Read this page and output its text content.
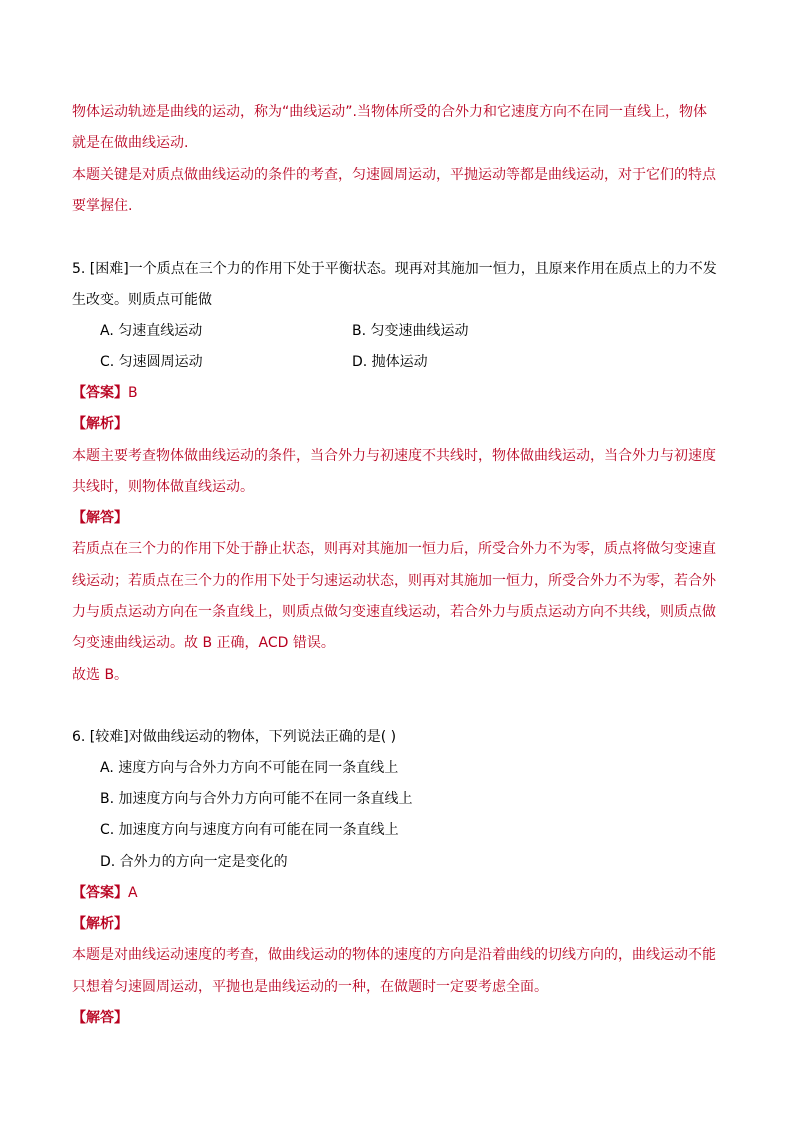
物体运动轨迹是曲线的运动，称为“曲线运动”.当物体所受的合外力和它速度方向不在同一直线上，物体
就是在做曲线运动.
本题关键是对质点做曲线运动的条件的考查，匀速圆周运动，平抛运动等都是曲线运动，对于它们的特点
要掌握住.
5. [困难]一个质点在三个力的作用下处于平衡状态。现再对其施加一恒力，且原来作用在质点上的力不发
生改变。则质点可能做
A. 匀速直线运动	B. 匀变速曲线运动
C. 匀速圆周运动	D. 抛体运动
【答案】B
【解析】
本题主要考查物体做曲线运动的条件，当合外力与初速度不共线时，物体做曲线运动，当合外力与初速度
共线时，则物体做直线运动。
【解答】
若质点在三个力的作用下处于静止状态，则再对其施加一恒力后，所受合外力不为零，质点将做匀变速直
线运动；若质点在三个力的作用下处于匀速运动状态，则再对其施加一恒力，所受合外力不为零，若合外
力与质点运动方向在一条直线上，则质点做匀变速直线运动，若合外力与质点运动方向不共线，则质点做
匀变速曲线运动。故 B 正确，ACD 错误。
故选 B。
6. [较难]对做曲线运动的物体，下列说法正确的是( )
A. 速度方向与合外力方向不可能在同一条直线上
B. 加速度方向与合外力方向可能不在同一条直线上
C. 加速度方向与速度方向有可能在同一条直线上
D. 合外力的方向一定是变化的
【答案】A
【解析】
本题是对曲线运动速度的考查，做曲线运动的物体的速度的方向是沿着曲线的切线方向的，曲线运动不能
只想着匀速圆周运动，平抛也是曲线运动的一种，在做题时一定要考虑全面。
【解答】
